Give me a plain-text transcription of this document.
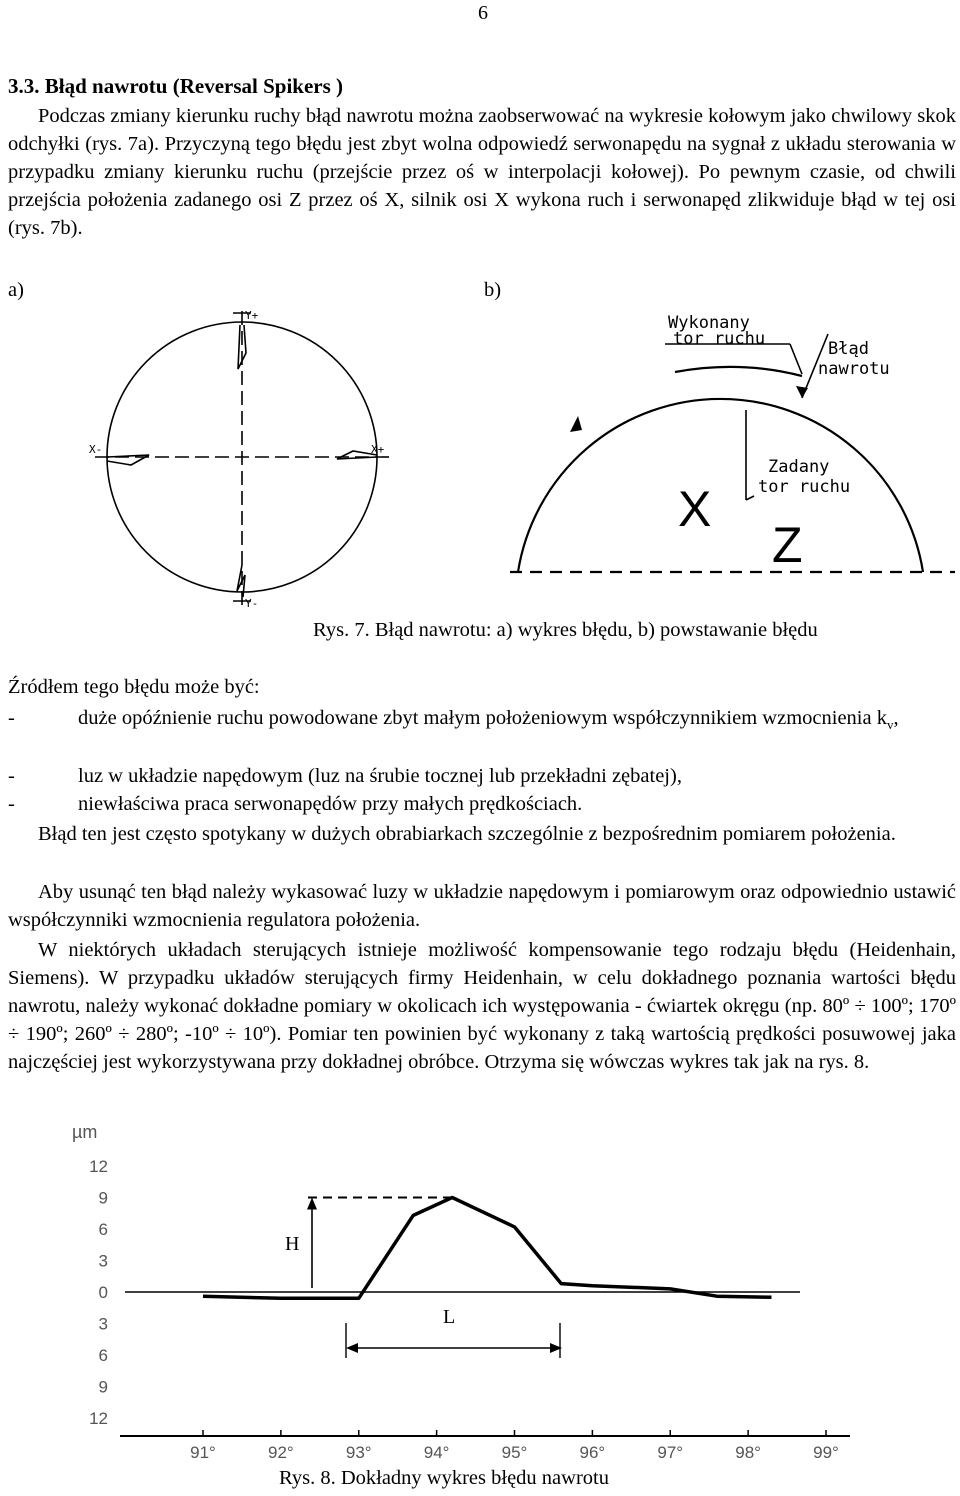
6
3.3. Błąd nawrotu (Reversal Spikers )

Podczas zmiany kierunku ruchy błąd nawrotu można zaobserwować na wykresie kołowym jako chwilowy skok odchyłki (rys. 7a). Przyczyną tego błędu jest zbyt wolna odpowiedź serwonapędu na sygnał z układu sterowania w przypadku zmiany kierunku ruchu (przejście przez oś w interpolacji kołowej). Po pewnym czasie, od chwili przejścia położenia zadanego osi Z przez oś X, silnik osi X wykona ruch i serwonapęd zlikwiduje błąd w tej osi (rys. 7b).

a)	b)
Y+
Y-
X-	X+
Wykonany
tor ruchu	Błąd
nawrotu
Zadany
tor ruchu
X
Z
Rys. 7. Błąd nawrotu: a) wykres błędu, b) powstawanie błędu
Źródłem tego błędu może być:
-	duże opóźnienie ruchu powodowane zbyt małym położeniowym współczynnikiem wzmocnienia $k_v$,
-	luz w układzie napędowym (luz na śrubie tocznej lub przekładni zębatej),
-	niewłaściwa praca serwonapędów przy małych prędkościach.

Błąd ten jest często spotykany w dużych obrabiarkach szczególnie z bezpośrednim pomiarem położenia.

Aby usunąć ten błąd należy wykasować luzy w układzie napędowym i pomiarowym oraz odpowiednio ustawić współczynniki wzmocnienia regulatora położenia.

W niektórych układach sterujących istnieje możliwość kompensowanie tego rodzaju błędu (Heidenhain, Siemens). W przypadku układów sterujących firmy Heidenhain, w celu dokładnego poznania wartości błędu nawrotu, należy wykonać dokładne pomiary w okolicach ich występowania - ćwiartek okręgu (np. 80º ÷ 100º; 170º ÷ 190º; 260º ÷ 280º; -10º ÷ 10º). Pomiar ten powinien być wykonany z taką wartością prędkości posuwowej jaka najczęściej jest wykorzystywana przy dokładnej obróbce. Otrzyma się wówczas wykres tak jak na rys. 8.

µm
12
9
6
3
0
3
6
9
12
91°	92°	93°	94°	95°	96°	97°	98°	99°
H
L
Rys. 8. Dokładny wykres błędu nawrotu
